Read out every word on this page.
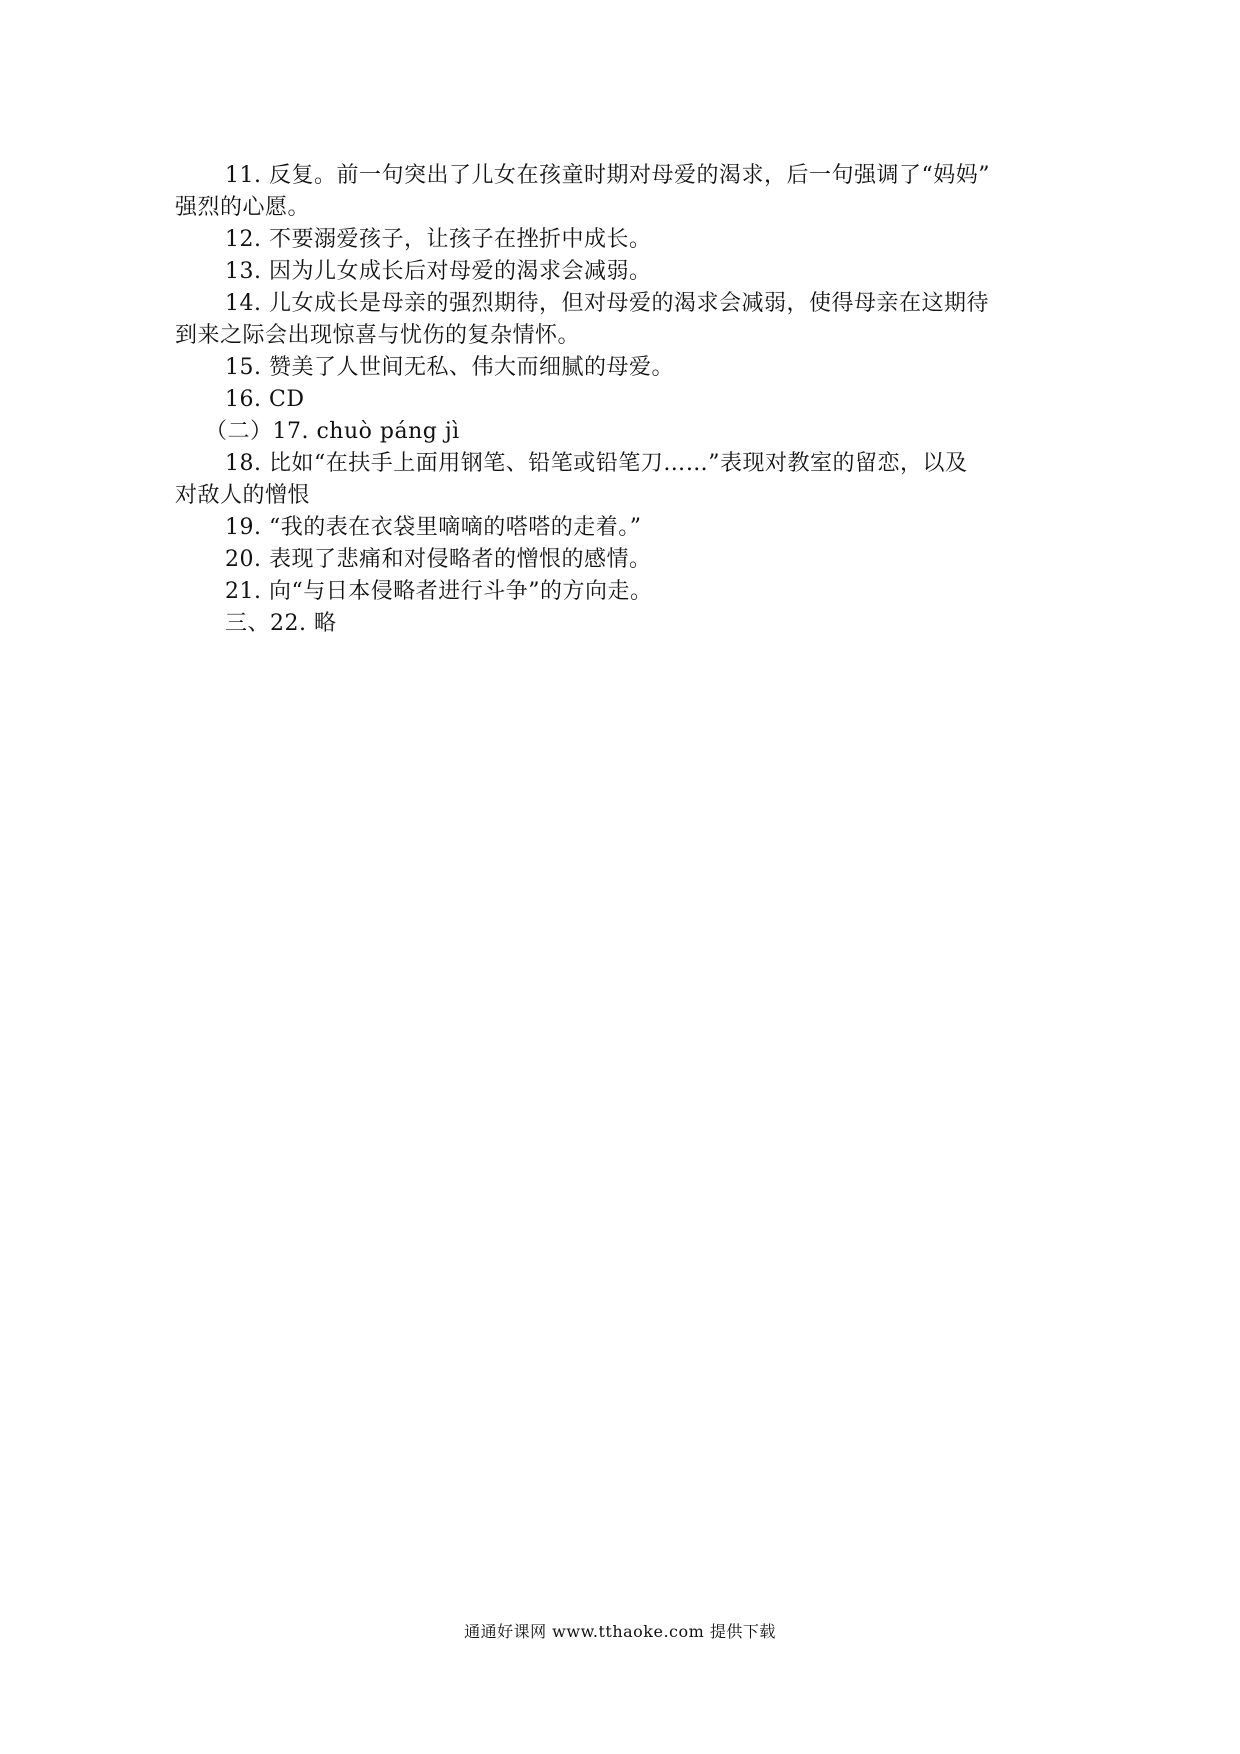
11. 反复。前一句突出了儿女在孩童时期对母爱的渴求，后一句强调了“妈妈”
强烈的心愿。
12. 不要溺爱孩子，让孩子在挫折中成长。
13. 因为儿女成长后对母爱的渴求会减弱。
14. 儿女成长是母亲的强烈期待，但对母爱的渴求会减弱，使得母亲在这期待
到来之际会出现惊喜与忧伤的复杂情怀。
15. 赞美了人世间无私、伟大而细腻的母爱。
16. CD
（二）17. chuò páng jì
18. 比如“在扶手上面用钢笔、铅笔或铅笔刀……”表现对教室的留恋，以及
对敌人的憎恨
19. “我的表在衣袋里嘀嘀的嗒嗒的走着。”
20. 表现了悲痛和对侵略者的憎恨的感情。
21. 向“与日本侵略者进行斗争”的方向走。
三、22. 略
通通好课网 www.tthaoke.com 提供下载
